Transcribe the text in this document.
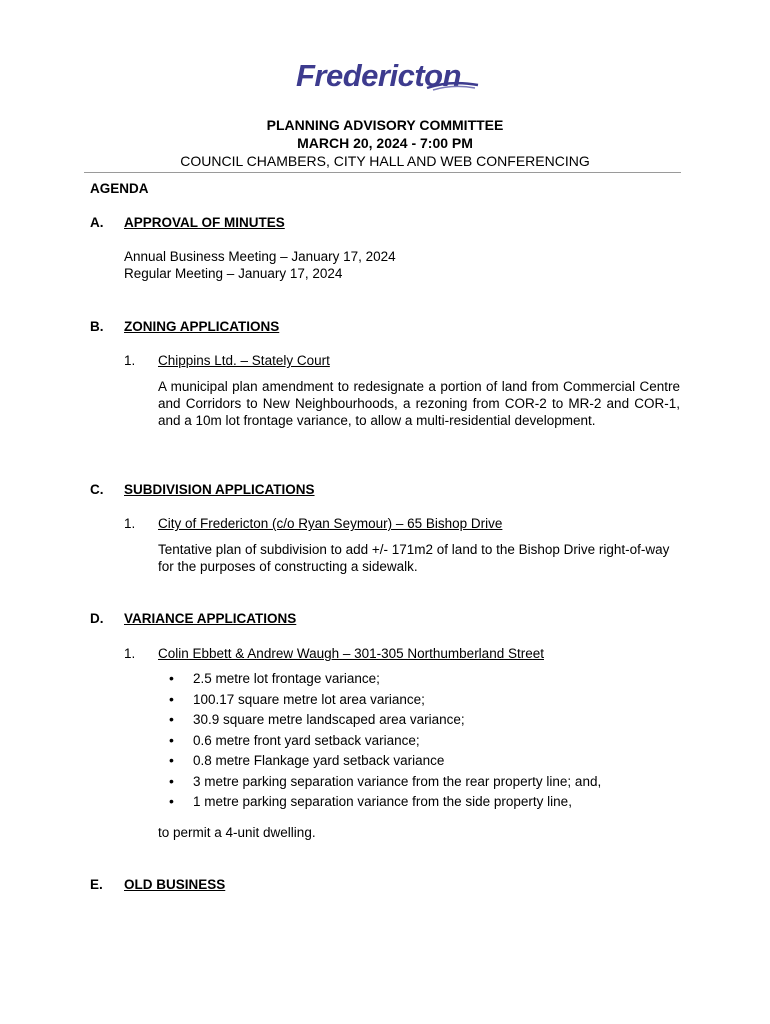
Fredericton
PLANNING ADVISORY COMMITTEE
MARCH 20, 2024 - 7:00 PM
COUNCIL CHAMBERS, CITY HALL AND WEB CONFERENCING
AGENDA
A. APPROVAL OF MINUTES
Annual Business Meeting – January 17, 2024
Regular Meeting – January 17, 2024
B. ZONING APPLICATIONS
1. Chippins Ltd. – Stately Court
A municipal plan amendment to redesignate a portion of land from Commercial Centre and Corridors to New Neighbourhoods, a rezoning from COR-2 to MR-2 and COR-1, and a 10m lot frontage variance, to allow a multi-residential development.
C. SUBDIVISION APPLICATIONS
1. City of Fredericton (c/o Ryan Seymour) – 65 Bishop Drive
Tentative plan of subdivision to add +/- 171m2 of land to the Bishop Drive right-of-way for the purposes of constructing a sidewalk.
D. VARIANCE APPLICATIONS
1. Colin Ebbett & Andrew Waugh – 301-305 Northumberland Street
• 2.5 metre lot frontage variance;
• 100.17 square metre lot area variance;
• 30.9 square metre landscaped area variance;
• 0.6 metre front yard setback variance;
• 0.8 metre Flankage yard setback variance
• 3 metre parking separation variance from the rear property line; and,
• 1 metre parking separation variance from the side property line,
to permit a 4-unit dwelling.
E. OLD BUSINESS
